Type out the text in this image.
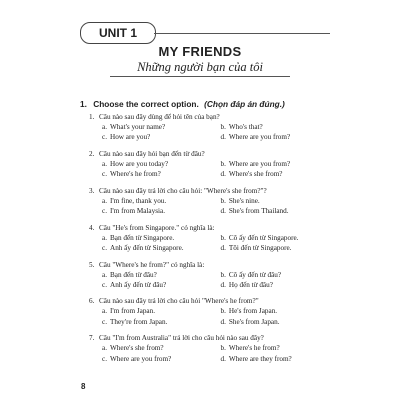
UNIT 1
MY FRIENDS
Những người bạn của tôi
1. Choose the correct option. (Chọn đáp án đúng.)
1. Câu nào sau đây dùng để hỏi tên của bạn?
a. What's your name?	b. Who's that?
c. How are you?	d. Where are you from?
2. Câu nào sau đây hỏi bạn đến từ đâu?
a. How are you today?	b. Where are you from?
c. Where's he from?	d. Where's she from?
3. Câu nào sau đây trả lời cho câu hỏi: "Where's she from?"?
a. I'm fine, thank you.	b. She's nine.
c. I'm from Malaysia.	d. She's from Thailand.
4. Câu "He's from Singapore." có nghĩa là:
a. Bạn đến từ Singapore.	b. Cô ấy đến từ Singapore.
c. Anh ấy đến từ Singapore.	d. Tôi đến từ Singapore.
5. Câu "Where's he from?" có nghĩa là:
a. Bạn đến từ đâu?	b. Cô ấy đến từ đâu?
c. Anh ấy đến từ đâu?	d. Họ đến từ đâu?
6. Câu nào sau đây trả lời cho câu hỏi "Where's he from?"
a. I'm from Japan.	b. He's from Japan.
c. They're from Japan.	d. She's from Japan.
7. Câu "I'm from Australia" trả lời cho câu hỏi nào sau đây?
a. Where's she from?	b. Where's he from?
c. Where are you from?	d. Where are they from?
8
